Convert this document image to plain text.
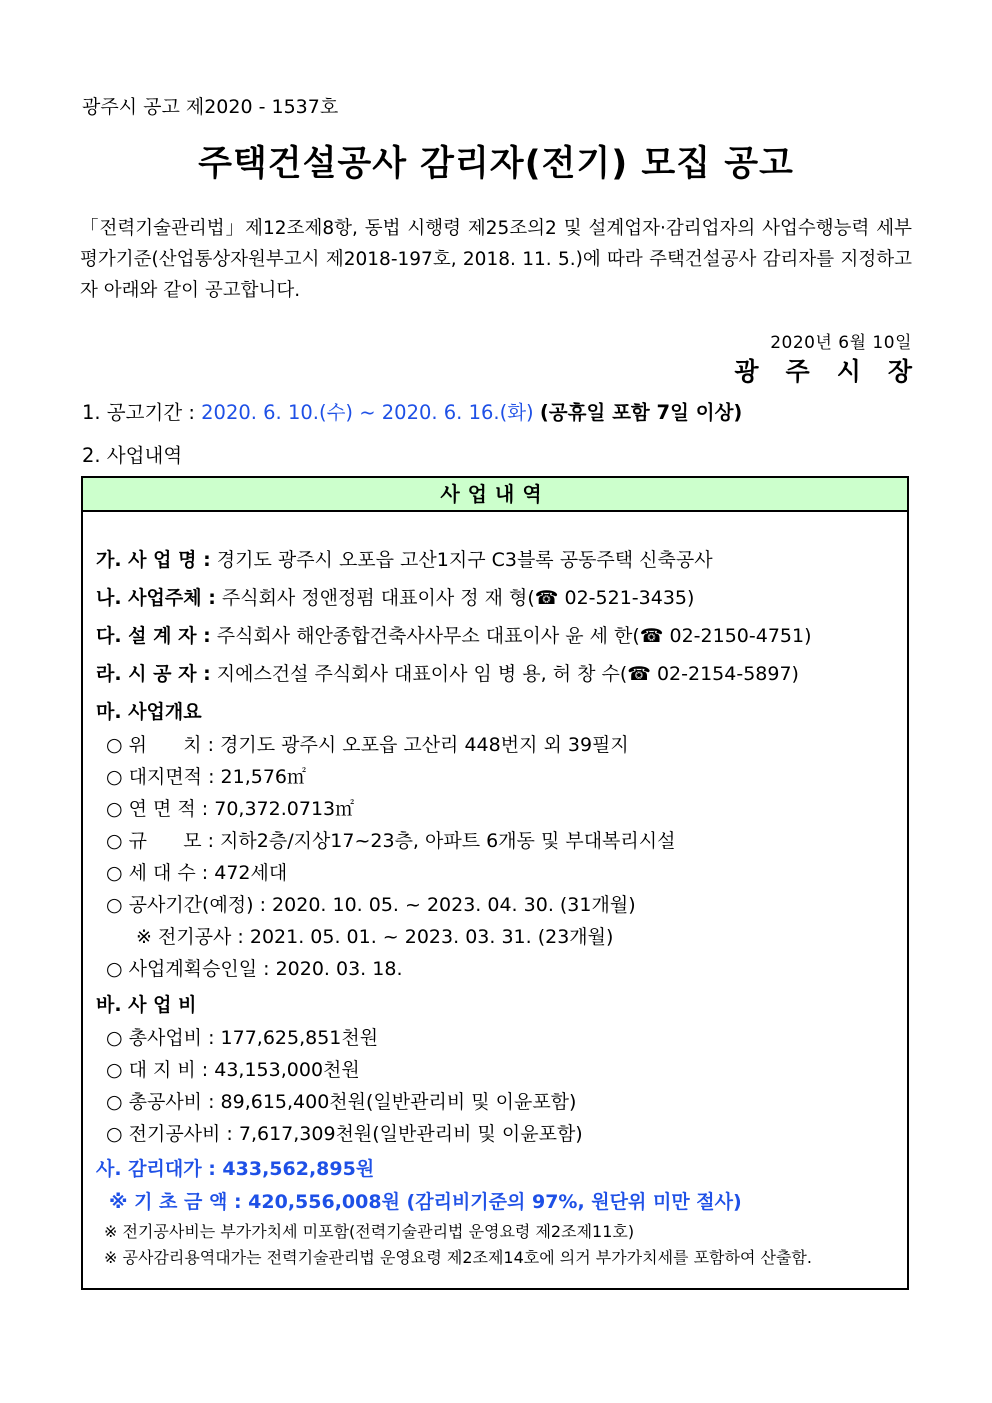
광주시 공고 제2020 - 1537호
주택건설공사 감리자(전기) 모집 공고
「전력기술관리법」제12조제8항, 동법 시행령 제25조의2 및 설계업자·감리업자의 사업수행능력 세부평가기준(산업통상자원부고시 제2018-197호, 2018. 11. 5.)에 따라 주택건설공사 감리자를 지정하고자 아래와 같이 공고합니다.
2020년 6월 10일
광주시장
1. 공고기간 : 2020. 6. 10.(수) ~ 2020. 6. 16.(화) (공휴일 포함 7일 이상)
2. 사업내역
사업내역
가. 사 업 명 : 경기도 광주시 오포읍 고산1지구 C3블록 공동주택 신축공사
나. 사업주체 : 주식회사 정앤정펌 대표이사 정 재 형(☎ 02-521-3435)
다. 설 계 자 : 주식회사 해안종합건축사사무소 대표이사 윤 세 한(☎ 02-2150-4751)
라. 시 공 자 : 지에스건설 주식회사 대표이사 임 병 용, 허 창 수(☎ 02-2154-5897)
마. 사업개요
○ 위      치 : 경기도 광주시 오포읍 고산리 448번지 외 39필지
○ 대지면적 : 21,576㎡
○ 연 면 적 : 70,372.0713㎡
○ 규      모 : 지하2층/지상17~23층, 아파트 6개동 및 부대복리시설
○ 세 대 수 : 472세대
○ 공사기간(예정) : 2020. 10. 05. ~ 2023. 04. 30. (31개월)
※ 전기공사 : 2021. 05. 01. ~ 2023. 03. 31. (23개월)
○ 사업계획승인일 : 2020. 03. 18.
바. 사 업 비
○ 총사업비 : 177,625,851천원
○ 대 지 비 : 43,153,000천원
○ 총공사비 : 89,615,400천원(일반관리비 및 이윤포함)
○ 전기공사비 : 7,617,309천원(일반관리비 및 이윤포함)
사. 감리대가 : 433,562,895원
※ 기 초 금 액 : 420,556,008원 (감리비기준의 97%, 원단위 미만 절사)
※ 전기공사비는 부가가치세 미포함(전력기술관리법 운영요령 제2조제11호)
※ 공사감리용역대가는 전력기술관리법 운영요령 제2조제14호에 의거 부가가치세를 포함하여 산출함.
